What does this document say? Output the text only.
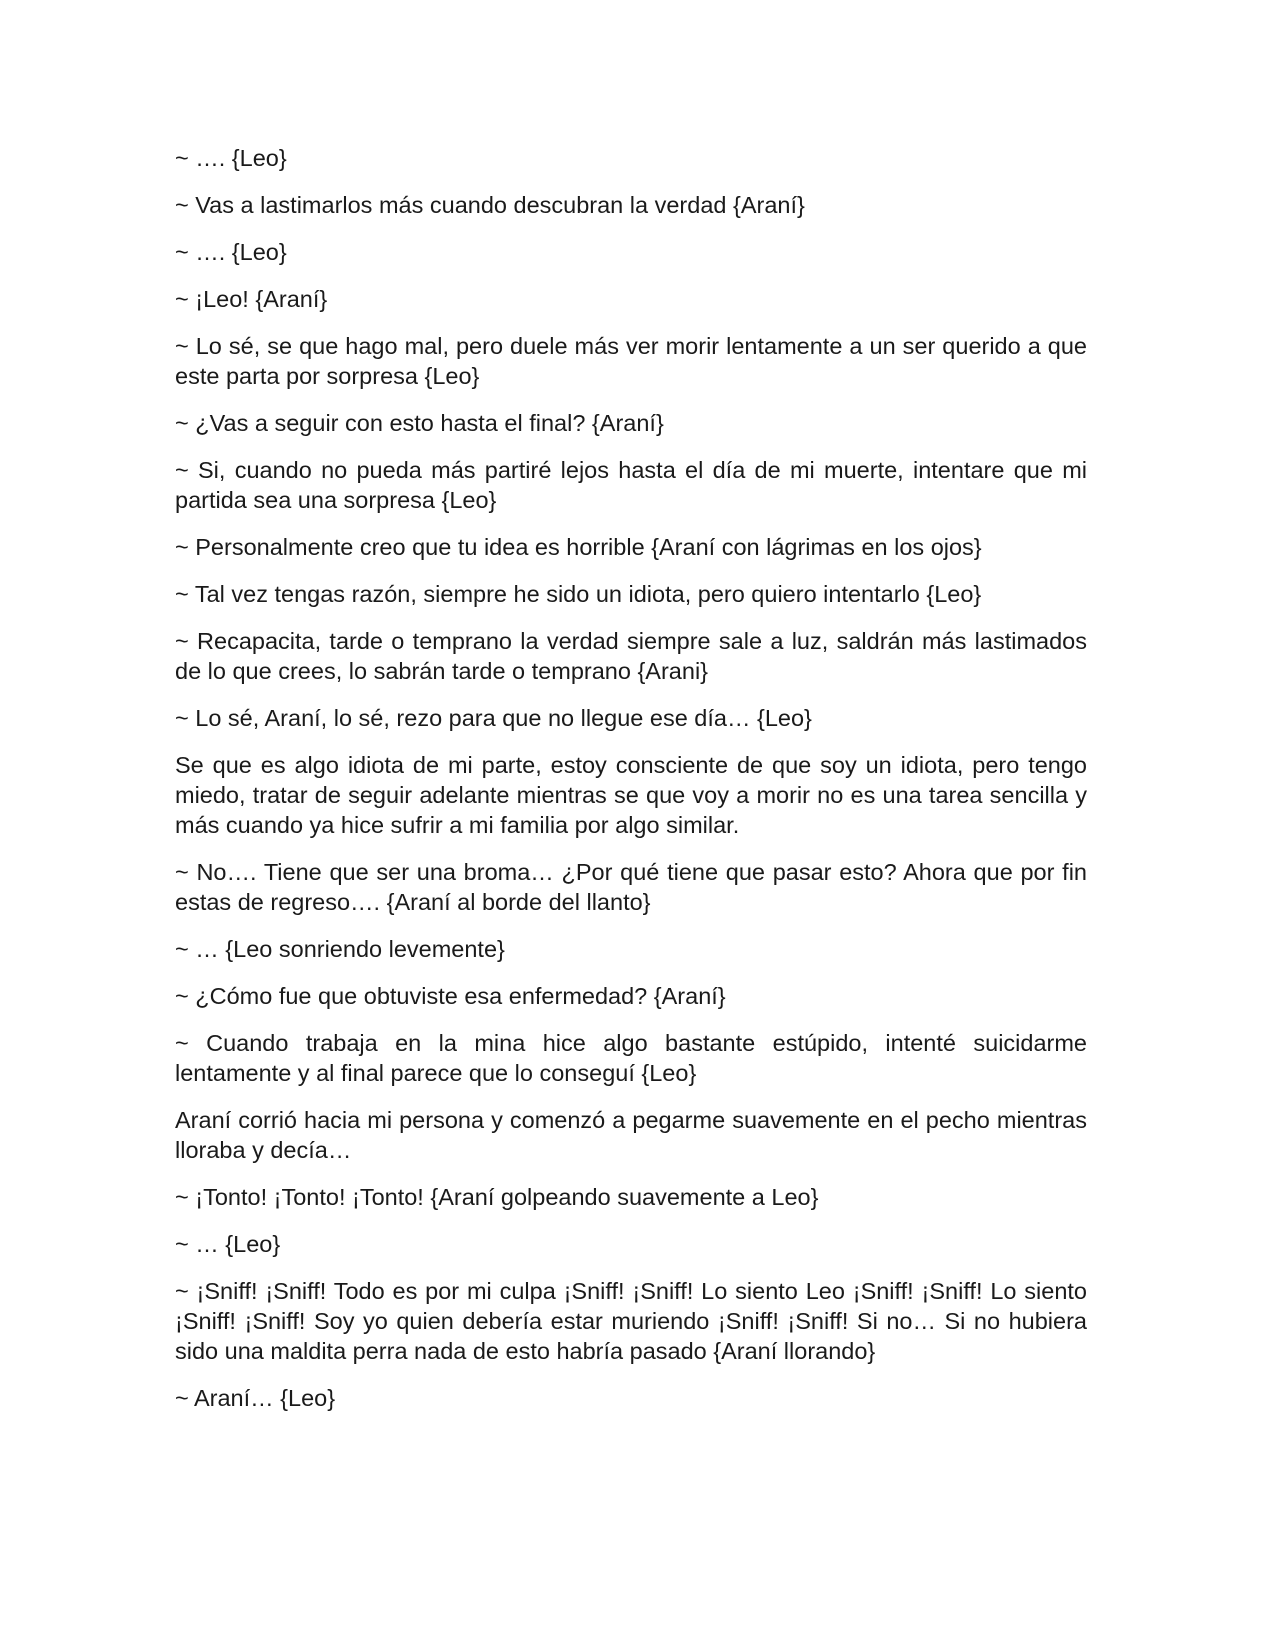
~ …. {Leo}

~ Vas a lastimarlos más cuando descubran la verdad {Araní}

~ …. {Leo}

~ ¡Leo! {Araní}

~ Lo sé, se que hago mal, pero duele más ver morir lentamente a un ser querido a que este parta por sorpresa {Leo}

~ ¿Vas a seguir con esto hasta el final? {Araní}

~ Si, cuando no pueda más partiré lejos hasta el día de mi muerte, intentare que mi partida sea una sorpresa {Leo}

~ Personalmente creo que tu idea es horrible {Araní con lágrimas en los ojos}

~ Tal vez tengas razón, siempre he sido un idiota, pero quiero intentarlo {Leo}

~ Recapacita, tarde o temprano la verdad siempre sale a luz, saldrán más lastimados de lo que crees, lo sabrán tarde o temprano {Arani}

~ Lo sé, Araní, lo sé, rezo para que no llegue ese día… {Leo}

Se que es algo idiota de mi parte, estoy consciente de que soy un idiota, pero tengo miedo, tratar de seguir adelante mientras se que voy a morir no es una tarea sencilla y más cuando ya hice sufrir a mi familia por algo similar.

~ No…. Tiene que ser una broma… ¿Por qué tiene que pasar esto? Ahora que por fin estas de regreso…. {Araní al borde del llanto}

~ … {Leo sonriendo levemente}

~ ¿Cómo fue que obtuviste esa enfermedad? {Araní}

~ Cuando trabaja en la mina hice algo bastante estúpido, intenté suicidarme lentamente y al final parece que lo conseguí {Leo}

Araní corrió hacia mi persona y comenzó a pegarme suavemente en el pecho mientras lloraba y decía…

~ ¡Tonto! ¡Tonto! ¡Tonto! {Araní golpeando suavemente a Leo}

~ … {Leo}

~ ¡Sniff! ¡Sniff! Todo es por mi culpa ¡Sniff! ¡Sniff! Lo siento Leo ¡Sniff! ¡Sniff! Lo siento ¡Sniff! ¡Sniff! Soy yo quien debería estar muriendo ¡Sniff! ¡Sniff! Si no… Si no hubiera sido una maldita perra nada de esto habría pasado {Araní llorando}

~ Araní… {Leo}
